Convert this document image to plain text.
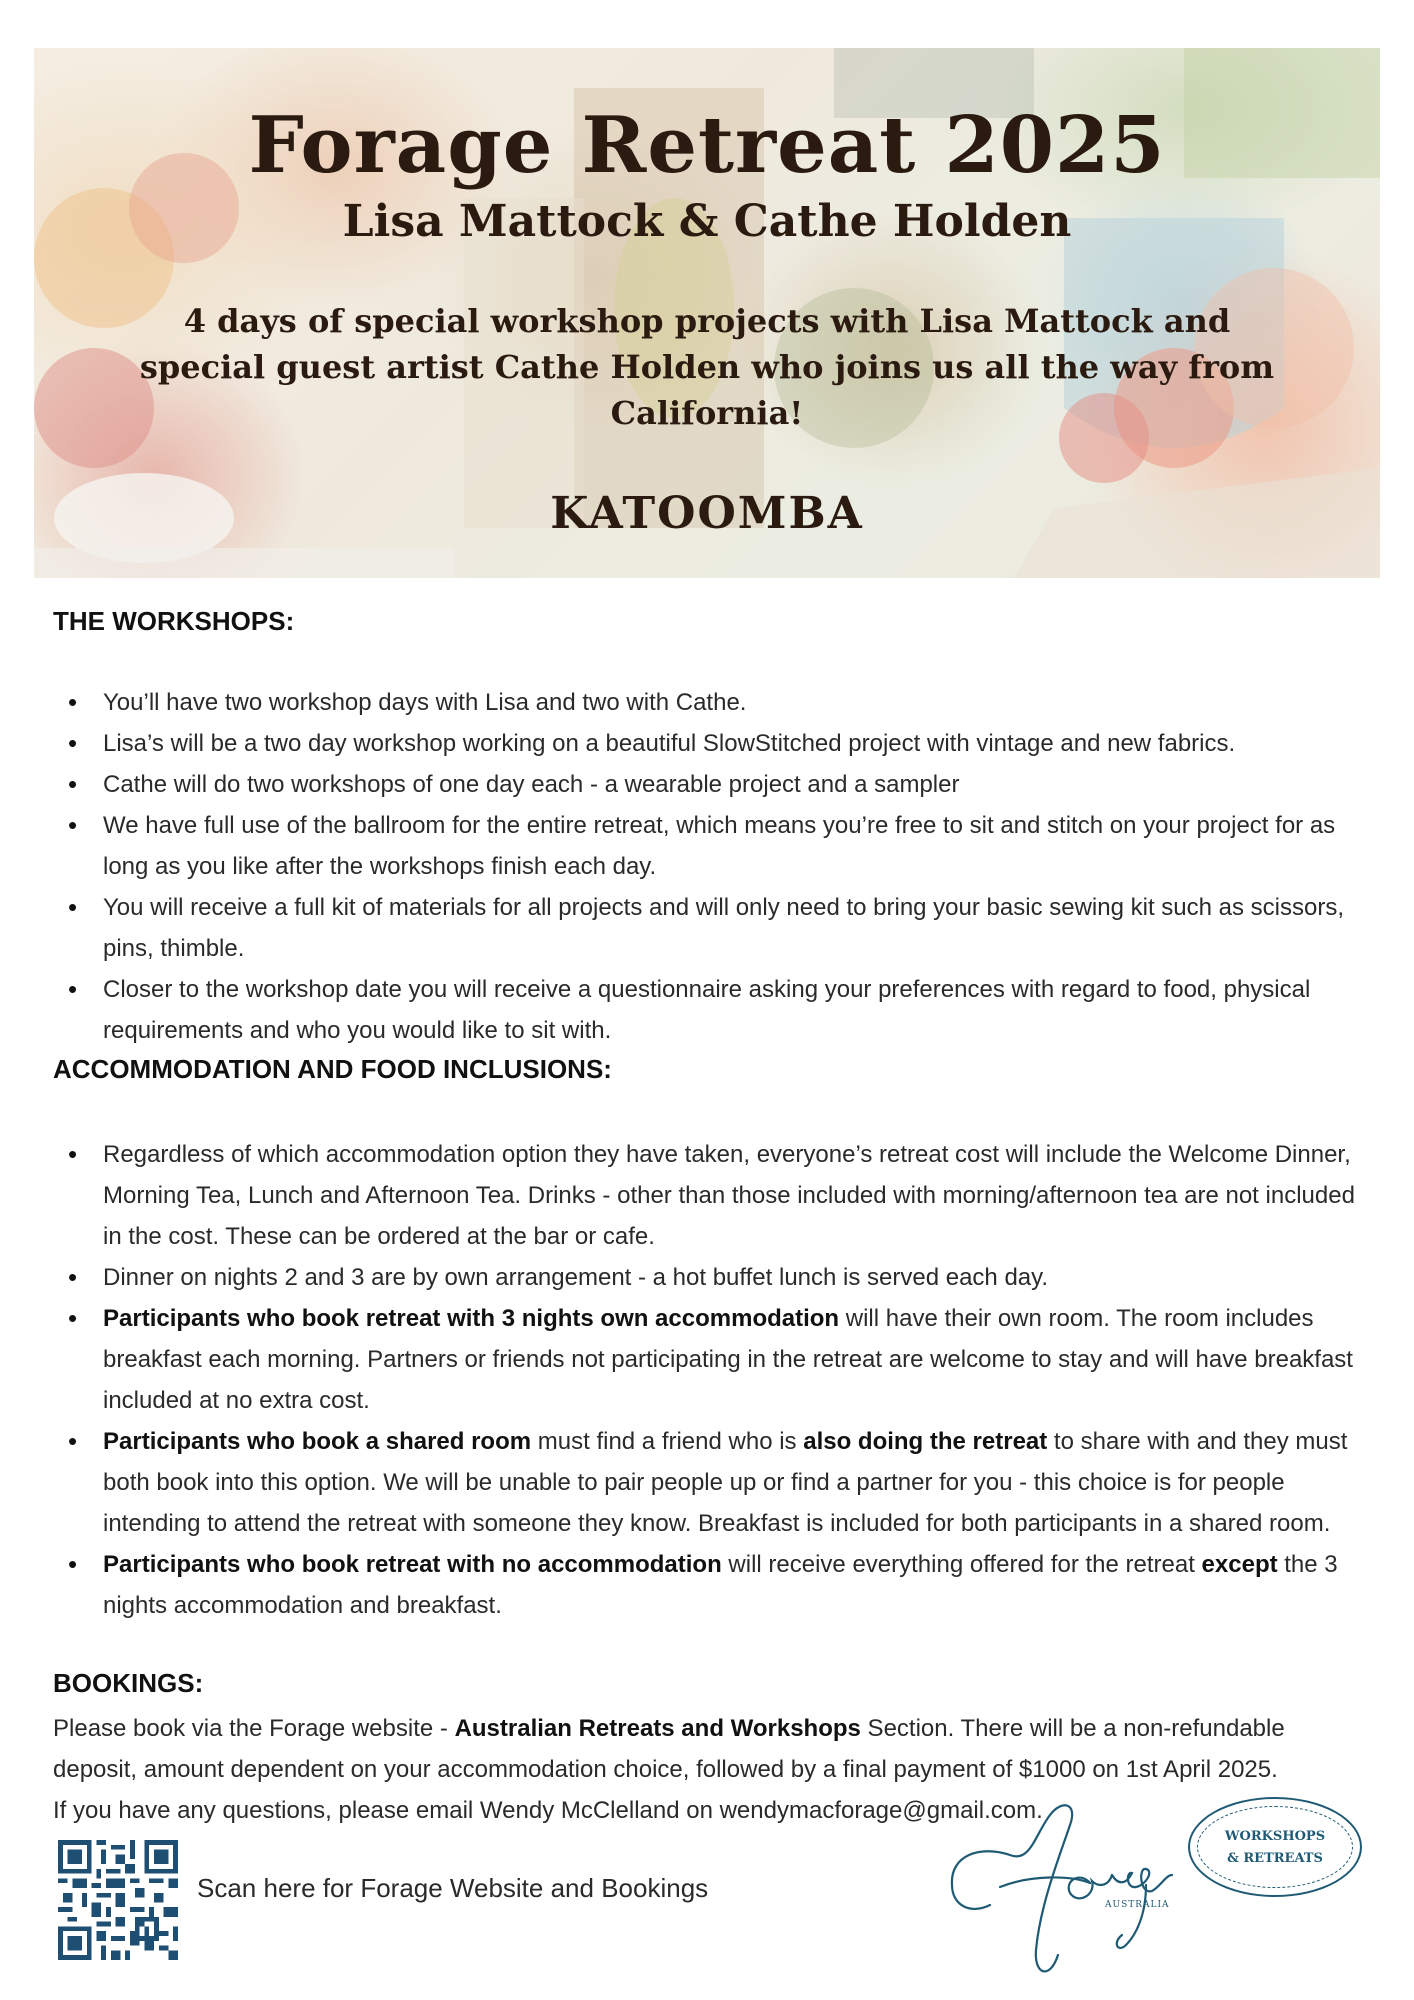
Forage Retreat 2025
Lisa Mattock & Cathe Holden
4 days of special workshop projects with Lisa Mattock and
special guest artist Cathe Holden who joins us all the way from
California!
KATOOMBA
THE WORKSHOPS:
• You’ll have two workshop days with Lisa and two with Cathe.
• Lisa’s will be a two day workshop working on a beautiful SlowStitched project with vintage and new fabrics.
• Cathe will do two workshops of one day each - a wearable project and a sampler
• We have full use of the ballroom for the entire retreat, which means you’re free to sit and stitch on your project for as long as you like after the workshops finish each day.
• You will receive a full kit of materials for all projects and will only need to bring your basic sewing kit such as scissors, pins, thimble.
• Closer to the workshop date you will receive a questionnaire asking your preferences with regard to food, physical requirements and who you would like to sit with.
ACCOMMODATION AND FOOD INCLUSIONS:
• Regardless of which accommodation option they have taken, everyone’s retreat cost will include the Welcome Dinner, Morning Tea, Lunch and Afternoon Tea. Drinks - other than those included with morning/afternoon tea are not included in the cost. These can be ordered at the bar or cafe.
• Dinner on nights 2 and 3 are by own arrangement - a hot buffet lunch is served each day.
• Participants who book retreat with 3 nights own accommodation will have their own room. The room includes breakfast each morning. Partners or friends not participating in the retreat are welcome to stay and will have breakfast included at no extra cost.
• Participants who book a shared room must find a friend who is also doing the retreat to share with and they must both book into this option. We will be unable to pair people up or find a partner for you - this choice is for people intending to attend the retreat with someone they know. Breakfast is included for both participants in a shared room.
• Participants who book retreat with no accommodation will receive everything offered for the retreat except the 3 nights accommodation and breakfast.
BOOKINGS:
Please book via the Forage website - Australian Retreats and Workshops Section. There will be a non-refundable deposit, amount dependent on your accommodation choice, followed by a final payment of $1000 on 1st April 2025.
If you have any questions, please email Wendy McClelland on wendymacforage@gmail.com.
Scan here for Forage Website and Bookings
AUSTRALIA
WORKSHOPS
& RETREATS
